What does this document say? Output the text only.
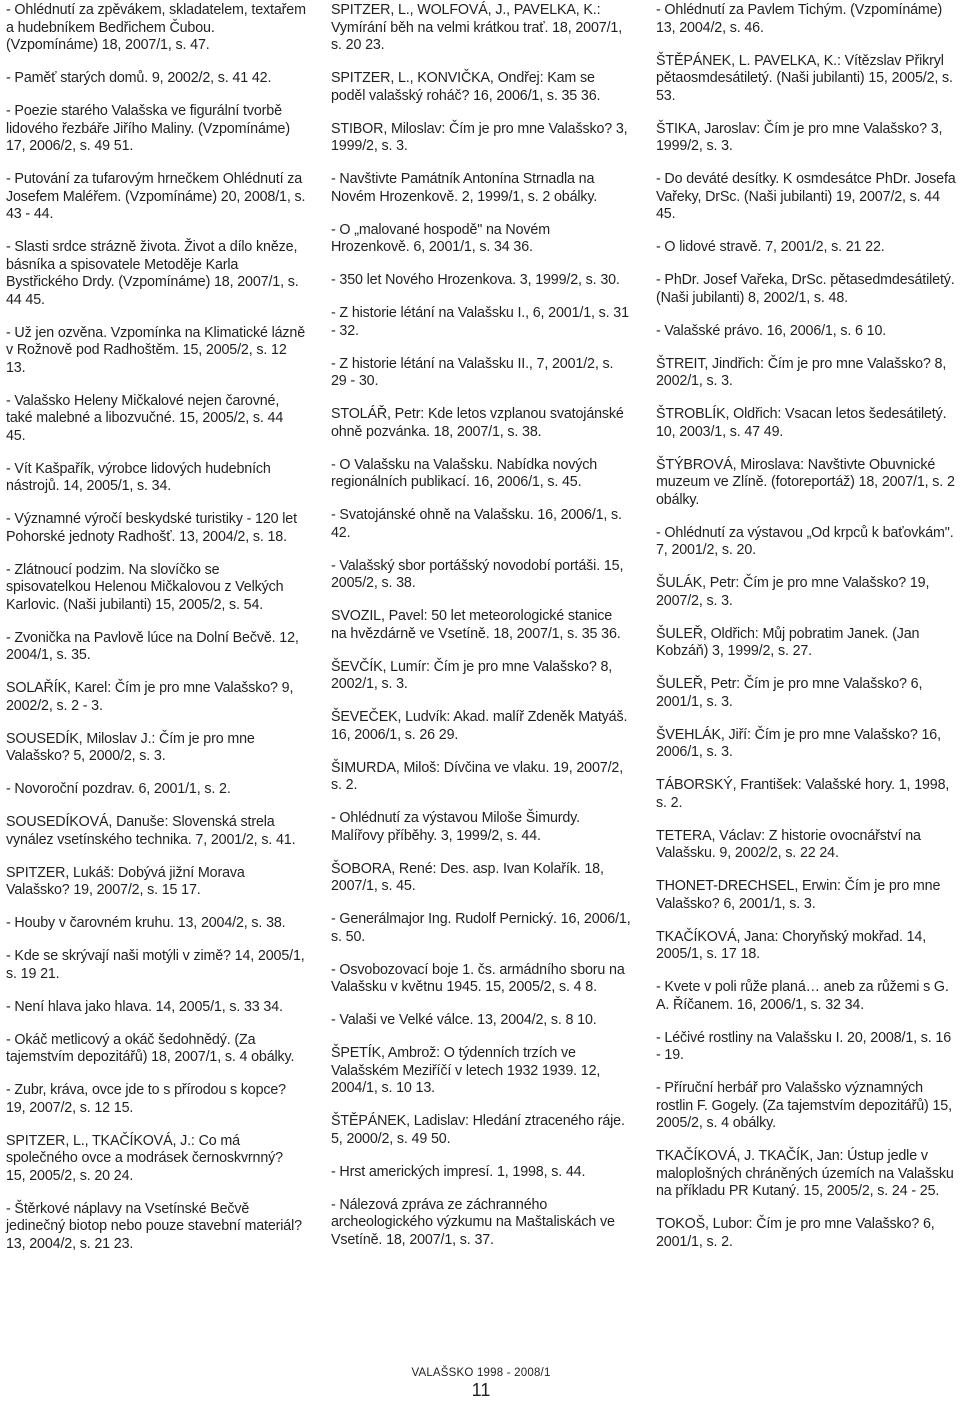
- Ohlédnutí za zpěvákem, skladatelem, textařem a hudebníkem Bedřichem Čubou. (Vzpomínáme) 18, 2007/1, s. 47.

- Paměť starých domů. 9, 2002/2, s. 41 42.

- Poezie starého Valašska ve figurální tvorbě lidového řezbáře Jiřího Maliny. (Vzpomínáme) 17, 2006/2, s. 49 51.

- Putování za tufarovým hrnečkem Ohlédnutí za Josefem Maléřem. (Vzpomínáme) 20, 2008/1, s. 43 - 44.

- Slasti srdce strázně života. Život a dílo kněze, básníka a spisovatele Metoděje Karla Bystřického Drdy. (Vzpomínáme) 18, 2007/1, s. 44 45.

- Už jen ozvěna. Vzpomínka na Klimatické lázně v Rožnově pod Radhoštěm. 15, 2005/2, s. 12 13.

- Valašsko Heleny Mičkalové nejen čarovné, také malebné a libozvučné. 15, 2005/2, s. 44 45.

- Vít Kašpařík, výrobce lidových hudebních nástrojů. 14, 2005/1, s. 34.

- Významné výročí beskydské turistiky - 120 let Pohorské jednoty Radhošť. 13, 2004/2, s. 18.

- Zlátnoucí podzim. Na slovíčko se spisovatelkou Helenou Mičkalovou z Velkých Karlovic. (Naši jubilanti) 15, 2005/2, s. 54.

- Zvonička na Pavlově lúce na Dolní Bečvě. 12, 2004/1, s. 35.

SOLAŘÍK, Karel: Čím je pro mne Valašsko? 9, 2002/2, s. 2 - 3.

SOUSEDÍK, Miloslav J.: Čím je pro mne Valašsko? 5, 2000/2, s. 3.

- Novoroční pozdrav. 6, 2001/1, s. 2.

SOUSEDÍKOVÁ, Danuše: Slovenská strela vynález vsetínského technika. 7, 2001/2, s. 41.

SPITZER, Lukáš: Dobývá jižní Morava Valašsko? 19, 2007/2, s. 15 17.

- Houby v čarovném kruhu. 13, 2004/2, s. 38.

- Kde se skrývají naši motýli v zimě? 14, 2005/1, s. 19 21.

- Není hlava jako hlava. 14, 2005/1, s. 33 34.

- Okáč metlicový a okáč šedohnědý. (Za tajemstvím depozitářů) 18, 2007/1, s. 4 obálky.

- Zubr, kráva, ovce jde to s přírodou s kopce? 19, 2007/2, s. 12 15.

SPITZER, L., TKAČÍKOVÁ, J.: Co má společného ovce a modrásek černoskvrnný? 15, 2005/2, s. 20 24.

- Štěrkové náplavy na Vsetínské Bečvě jedinečný biotop nebo pouze stavební materiál? 13, 2004/2, s. 21 23.

SPITZER, L., WOLFOVÁ, J., PAVELKA, K.: Vymírání běh na velmi krátkou trať. 18, 2007/1, s. 20 23.

SPITZER, L., KONVIČKA, Ondřej: Kam se poděl valašský roháč? 16, 2006/1, s. 35 36.

STIBOR, Miloslav: Čím je pro mne Valašsko? 3, 1999/2, s. 3.

- Navštivte Památník Antonína Strnadla na Novém Hrozenkově. 2, 1999/1, s. 2 obálky.

- O „malované hospodě" na Novém Hrozenkově. 6, 2001/1, s. 34 36.

- 350 let Nového Hrozenkova. 3, 1999/2, s. 30.

- Z historie létání na Valašsku I., 6, 2001/1, s. 31 - 32.

- Z historie létání na Valašsku II., 7, 2001/2, s. 29 - 30.

STOLÁŘ, Petr: Kde letos vzplanou svatojánské ohně pozvánka. 18, 2007/1, s. 38.

- O Valašsku na Valašsku. Nabídka nových regionálních publikací. 16, 2006/1, s. 45.

- Svatojánské ohně na Valašsku. 16, 2006/1, s. 42.

- Valašský sbor portášský novodobí portáši. 15, 2005/2, s. 38.

SVOZIL, Pavel: 50 let meteorologické stanice na hvězdárně ve Vsetíně. 18, 2007/1, s. 35 36.

ŠEVČÍK, Lumír: Čím je pro mne Valašsko? 8, 2002/1, s. 3.

ŠEVEČEK, Ludvík: Akad. malíř Zdeněk Matyáš. 16, 2006/1, s. 26 29.

ŠIMURDA, Miloš: Dívčina ve vlaku. 19, 2007/2, s. 2.

- Ohlédnutí za výstavou Miloše Šimurdy. Malířovy příběhy. 3, 1999/2, s. 44.

ŠOBORA, René: Des. asp. Ivan Kolařík. 18, 2007/1, s. 45.

- Generálmajor Ing. Rudolf Pernický. 16, 2006/1, s. 50.

- Osvobozovací boje 1. čs. armádního sboru na Valašsku v květnu 1945. 15, 2005/2, s. 4 8.

- Valaši ve Velké válce. 13, 2004/2, s. 8 10.

ŠPETÍK, Ambrož: O týdenních trzích ve Valašském Meziříčí v letech 1932 1939. 12, 2004/1, s. 10 13.

ŠTĚPÁNEK, Ladislav: Hledání ztraceného ráje. 5, 2000/2, s. 49 50.

- Hrst amerických impresí. 1, 1998, s. 44.

- Nálezová zpráva ze záchranného archeologického výzkumu na Maštaliskách ve Vsetíně. 18, 2007/1, s. 37.

- Ohlédnutí za Pavlem Tichým. (Vzpomínáme) 13, 2004/2, s. 46.

ŠTĚPÁNEK, L. PAVELKA, K.: Vítězslav Přikryl pětaosmdesátiletý. (Naši jubilanti) 15, 2005/2, s. 53.

ŠTIKA, Jaroslav: Čím je pro mne Valašsko? 3, 1999/2, s. 3.

- Do deváté desítky. K osmdesátce PhDr. Josefa Vařeky, DrSc. (Naši jubilanti) 19, 2007/2, s. 44 45.

- O lidové stravě. 7, 2001/2, s. 21 22.

- PhDr. Josef Vařeka, DrSc. pětasedmdesátiletý. (Naši jubilanti) 8, 2002/1, s. 48.

- Valašské právo. 16, 2006/1, s. 6 10.

ŠTREIT, Jindřich: Čím je pro mne Valašsko? 8, 2002/1, s. 3.

ŠTROBLÍK, Oldřich: Vsacan letos šedesátiletý. 10, 2003/1, s. 47 49.

ŠTÝBROVÁ, Miroslava: Navštivte Obuvnické muzeum ve Zlíně. (fotoreportáž) 18, 2007/1, s. 2 obálky.

- Ohlédnutí za výstavou „Od krpců k baťovkám". 7, 2001/2, s. 20.

ŠULÁK, Petr: Čím je pro mne Valašsko? 19, 2007/2, s. 3.

ŠULEŘ, Oldřich: Můj pobratim Janek. (Jan Kobzáň) 3, 1999/2, s. 27.

ŠULEŘ, Petr: Čím je pro mne Valašsko? 6, 2001/1, s. 3.

ŠVEHLÁK, Jiří: Čím je pro mne Valašsko? 16, 2006/1, s. 3.

TÁBORSKÝ, František: Valašské hory. 1, 1998, s. 2.

TETERA, Václav: Z historie ovocnářství na Valašsku. 9, 2002/2, s. 22 24.

THONET-DRECHSEL, Erwin: Čím je pro mne Valašsko? 6, 2001/1, s. 3.

TKAČÍKOVÁ, Jana: Choryňský mokřad. 14, 2005/1, s. 17 18.

- Kvete v poli růže planá… aneb za růžemi s G. A. Říčanem. 16, 2006/1, s. 32 34.

- Léčivé rostliny na Valašsku I. 20, 2008/1, s. 16 - 19.

- Příruční herbář pro Valašsko významných rostlin F. Gogely. (Za tajemstvím depozitářů) 15, 2005/2, s. 4 obálky.

TKAČÍKOVÁ, J. TKAČÍK, Jan: Ústup jedle v maloplošných chráněných územích na Valašsku na příkladu PR Kutaný. 15, 2005/2, s. 24 - 25.

TOKOŠ, Lubor: Čím je pro mne Valašsko? 6, 2001/1, s. 2.

VALAŠSKO 1998 - 2008/1
11
